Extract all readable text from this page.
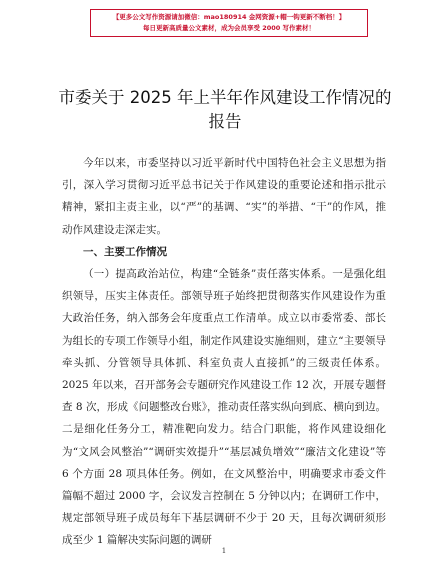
【更多公文写作资源请加微信：mao180914 金网资源+帽一钩更新不断档！】
每日更新高质量公文素材，成为会员享受 2000 写作素材！
市委关于 2025 年上半年作风建设工作情况的报告

今年以来，市委坚持以习近平新时代中国特色社会主义思想为指引，深入学习贯彻习近平总书记关于作风建设的重要论述和指示批示精神，紧扣主责主业，以“严”的基调、“实”的举措、“干”的作风，推动作风建设走深走实。

一、主要工作情况

（一）提高政治站位，构建“全链条”责任落实体系。一是强化组织领导，压实主体责任。部领导班子始终把贯彻落实作风建设作为重大政治任务，纳入部务会年度重点工作清单。成立以市委常委、部长为组长的专项工作领导小组，制定作风建设实施细则，建立“主要领导牵头抓、分管领导具体抓、科室负责人直接抓”的三级责任体系。2025 年以来，召开部务会专题研究作风建设工作 12 次，开展专题督查 8 次，形成《问题整改台账》，推动责任落实纵向到底、横向到边。二是细化任务分工，精准靶向发力。结合门职能，将作风建设细化为“文风会风整治”“调研实效提升”“基层减负增效”“廉洁文化建设”等 6 个方面 28 项具体任务。例如，在文风整治中，明确要求市委文件篇幅不超过 2000 字，会议发言控制在 5 分钟以内；在调研工作中，规定部领导班子成员每年下基层调研不少于 20 天，且每次调研须形成至少 1 篇解决实际问题的调研

1
